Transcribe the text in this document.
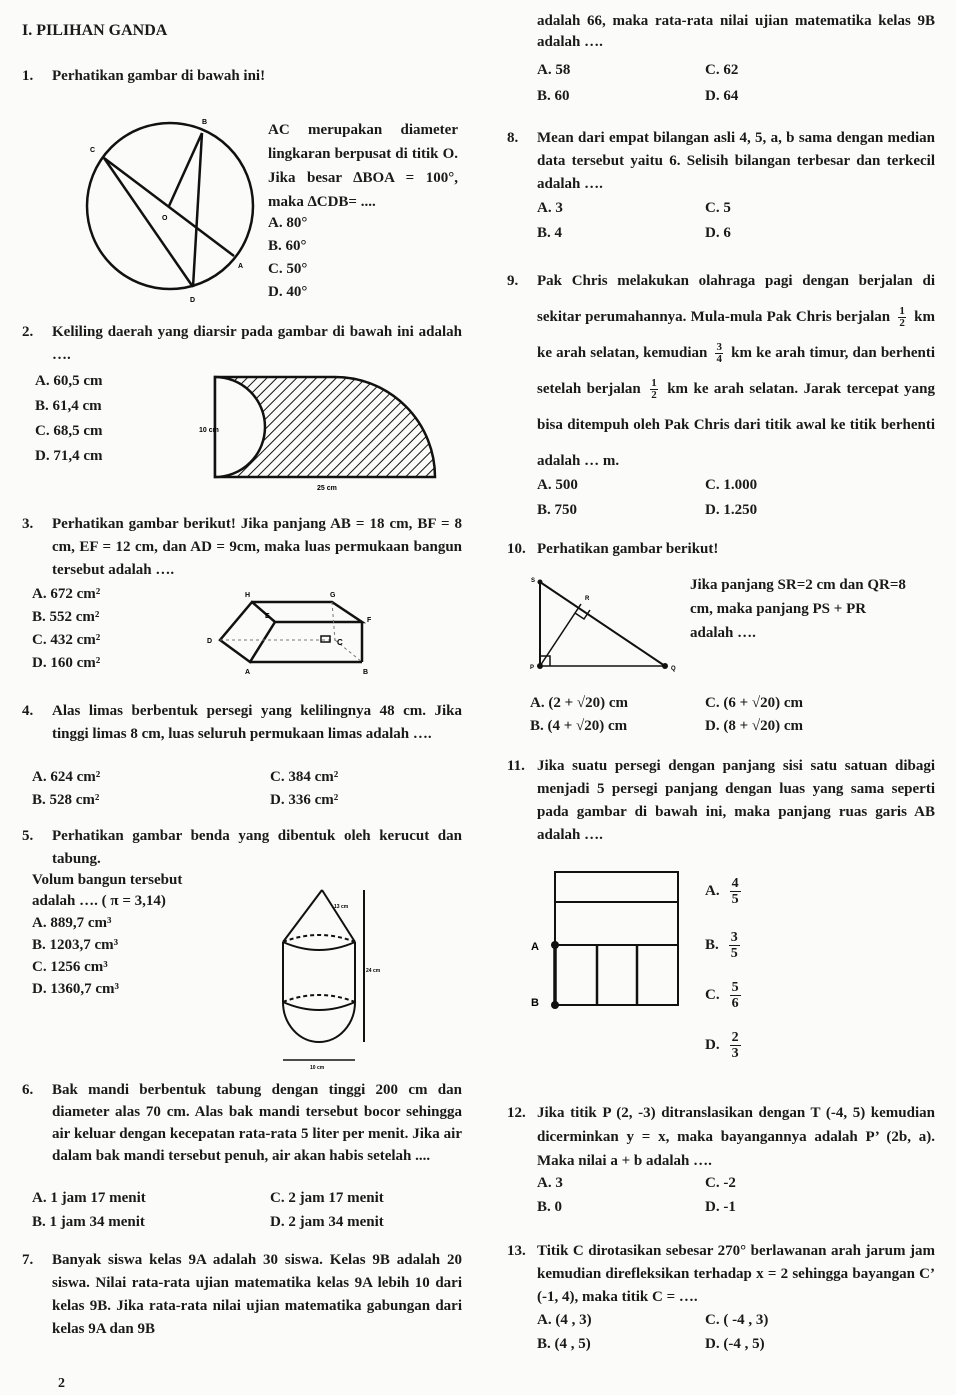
I. PILIHAN GANDA
1. Perhatikan gambar di bawah ini!
B
C
O
A
D
AC merupakan diameter lingkaran berpusat di titik O. Jika besar ∆BOA = 100°, maka ∆CDB= ....
A. 80°
B. 60°
C. 50°
D. 40°
2. Keliling daerah yang diarsir pada gambar di bawah ini adalah ….
A. 60,5 cm
B. 61,4 cm
C. 68,5 cm
D. 71,4 cm
10 cm
25 cm
3. Perhatikan gambar berikut! Jika panjang AB = 18 cm, BF = 8 cm, EF = 12 cm, dan AD = 9cm, maka luas permukaan bangun tersebut adalah ….
A. 672 cm²
B. 552 cm²
C. 432 cm²
D. 160 cm²
H	G
E
F
D	C
A	B
4. Alas limas berbentuk persegi yang kelilingnya 48 cm. Jika tinggi limas 8 cm, luas seluruh permukaan limas adalah ….
A. 624 cm²
B. 528 cm²
C. 384 cm²
D. 336 cm²
5. Perhatikan gambar benda yang dibentuk oleh kerucut dan tabung.
Volum bangun tersebut
adalah …. ( π = 3,14)
A. 889,7 cm³
B. 1203,7 cm³
C. 1256 cm³
D. 1360,7 cm³
13 cm
24 cm
10 cm
6. Bak mandi berbentuk tabung dengan tinggi 200 cm dan diameter alas 70 cm. Alas bak mandi tersebut bocor sehingga air keluar dengan kecepatan rata-rata 5 liter per menit. Jika air dalam bak mandi tersebut penuh, air akan habis setelah ....
A. 1 jam 17 menit
B. 1 jam 34 menit
C. 2 jam 17 menit
D. 2 jam 34 menit
7. Banyak siswa kelas 9A adalah 30 siswa. Kelas 9B adalah 20 siswa. Nilai rata-rata ujian matematika kelas 9A lebih 10 dari kelas 9B. Jika rata-rata nilai ujian matematika gabungan dari kelas 9A dan 9B
2
adalah 66, maka rata-rata nilai ujian matematika kelas 9B adalah ….
A. 58
B. 60
C. 62
D. 64
8. Mean dari empat bilangan asli 4, 5, a, b sama dengan median data tersebut yaitu 6. Selisih bilangan terbesar dan terkecil adalah ….
A. 3
B. 4
C. 5
D. 6
9. Pak Chris melakukan olahraga pagi dengan berjalan di sekitar perumahannya. Mula-mula Pak Chris berjalan $\frac{1}{2}$ km ke arah selatan, kemudian $\frac{3}{4}$ km ke arah timur, dan berhenti setelah berjalan $\frac{1}{2}$ km ke arah selatan. Jarak tercepat yang bisa ditempuh oleh Pak Chris dari titik awal ke titik berhenti adalah … m.
A. 500
B. 750
C. 1.000
D. 1.250
10. Perhatikan gambar berikut!
S
R
P	Q
Jika panjang SR=2 cm dan QR=8 cm, maka panjang PS + PR adalah ….
A. (2 + √20) cm
B. (4 + √20) cm
C. (6 + √20) cm
D. (8 + √20) cm
11. Jika suatu persegi dengan panjang sisi satu satuan dibagi menjadi 5 persegi panjang dengan luas yang sama seperti pada gambar di bawah ini, maka panjang ruas garis AB adalah ….
A
B
A. $\frac{4}{5}$
B. $\frac{3}{5}$
C. $\frac{5}{6}$
D. $\frac{2}{3}$
12. Jika titik P (2, -3) ditranslasikan dengan T (-4, 5) kemudian dicerminkan y = x, maka bayangannya adalah P’ (2b, a). Maka nilai a + b adalah ….
A. 3
B. 0
C. -2
D. -1
13. Titik C dirotasikan sebesar 270° berlawanan arah jarum jam kemudian direfleksikan terhadap x = 2 sehingga bayangan C’ (-1, 4), maka titik C = ….
A. (4 , 3)
B. (4 , 5)
C. ( -4 , 3)
D. (-4 , 5)
